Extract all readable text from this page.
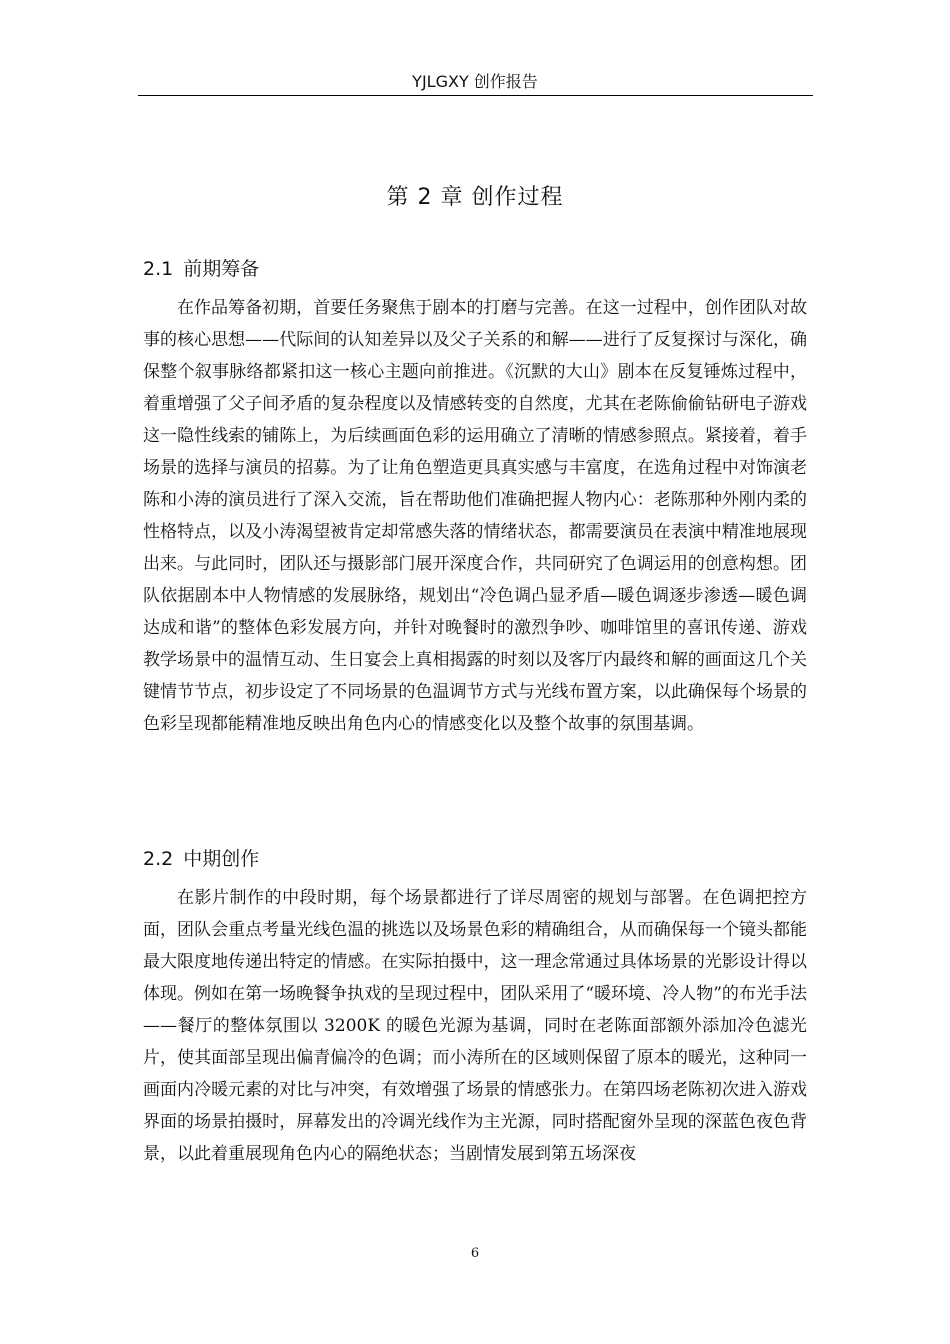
YJLGXY 创作报告
第 2 章 创作过程
2.1 前期筹备

在作品筹备初期，首要任务聚焦于剧本的打磨与完善。在这一过程中，创作团队对故事的核心思想——代际间的认知差异以及父子关系的和解——进行了反复探讨与深化，确保整个叙事脉络都紧扣这一核心主题向前推进。《沉默的大山》剧本在反复锤炼过程中，着重增强了父子间矛盾的复杂程度以及情感转变的自然度，尤其在老陈偷偷钻研电子游戏这一隐性线索的铺陈上，为后续画面色彩的运用确立了清晰的情感参照点。紧接着，着手场景的选择与演员的招募。为了让角色塑造更具真实感与丰富度，在选角过程中对饰演老陈和小涛的演员进行了深入交流，旨在帮助他们准确把握人物内心：老陈那种外刚内柔的性格特点，以及小涛渴望被肯定却常感失落的情绪状态，都需要演员在表演中精准地展现出来。与此同时，团队还与摄影部门展开深度合作，共同研究了色调运用的创意构想。团队依据剧本中人物情感的发展脉络，规划出“冷色调凸显矛盾—暖色调逐步渗透—暖色调达成和谐”的整体色彩发展方向，并针对晚餐时的激烈争吵、咖啡馆里的喜讯传递、游戏教学场景中的温情互动、生日宴会上真相揭露的时刻以及客厅内最终和解的画面这几个关键情节节点，初步设定了不同场景的色温调节方式与光线布置方案，以此确保每个场景的色彩呈现都能精准地反映出角色内心的情感变化以及整个故事的氛围基调。

2.2 中期创作

在影片制作的中段时期，每个场景都进行了详尽周密的规划与部署。在色调把控方面，团队会重点考量光线色温的挑选以及场景色彩的精确组合，从而确保每一个镜头都能最大限度地传递出特定的情感。在实际拍摄中，这一理念常通过具体场景的光影设计得以体现。例如在第一场晚餐争执戏的呈现过程中，团队采用了“暖环境、冷人物”的布光手法——餐厅的整体氛围以 3200K 的暖色光源为基调，同时在老陈面部额外添加冷色滤光片，使其面部呈现出偏青偏冷的色调；而小涛所在的区域则保留了原本的暖光，这种同一画面内冷暖元素的对比与冲突，有效增强了场景的情感张力。在第四场老陈初次进入游戏界面的场景拍摄时，屏幕发出的冷调光线作为主光源，同时搭配窗外呈现的深蓝色夜色背景，以此着重展现角色内心的隔绝状态；当剧情发展到第五场深夜

6
